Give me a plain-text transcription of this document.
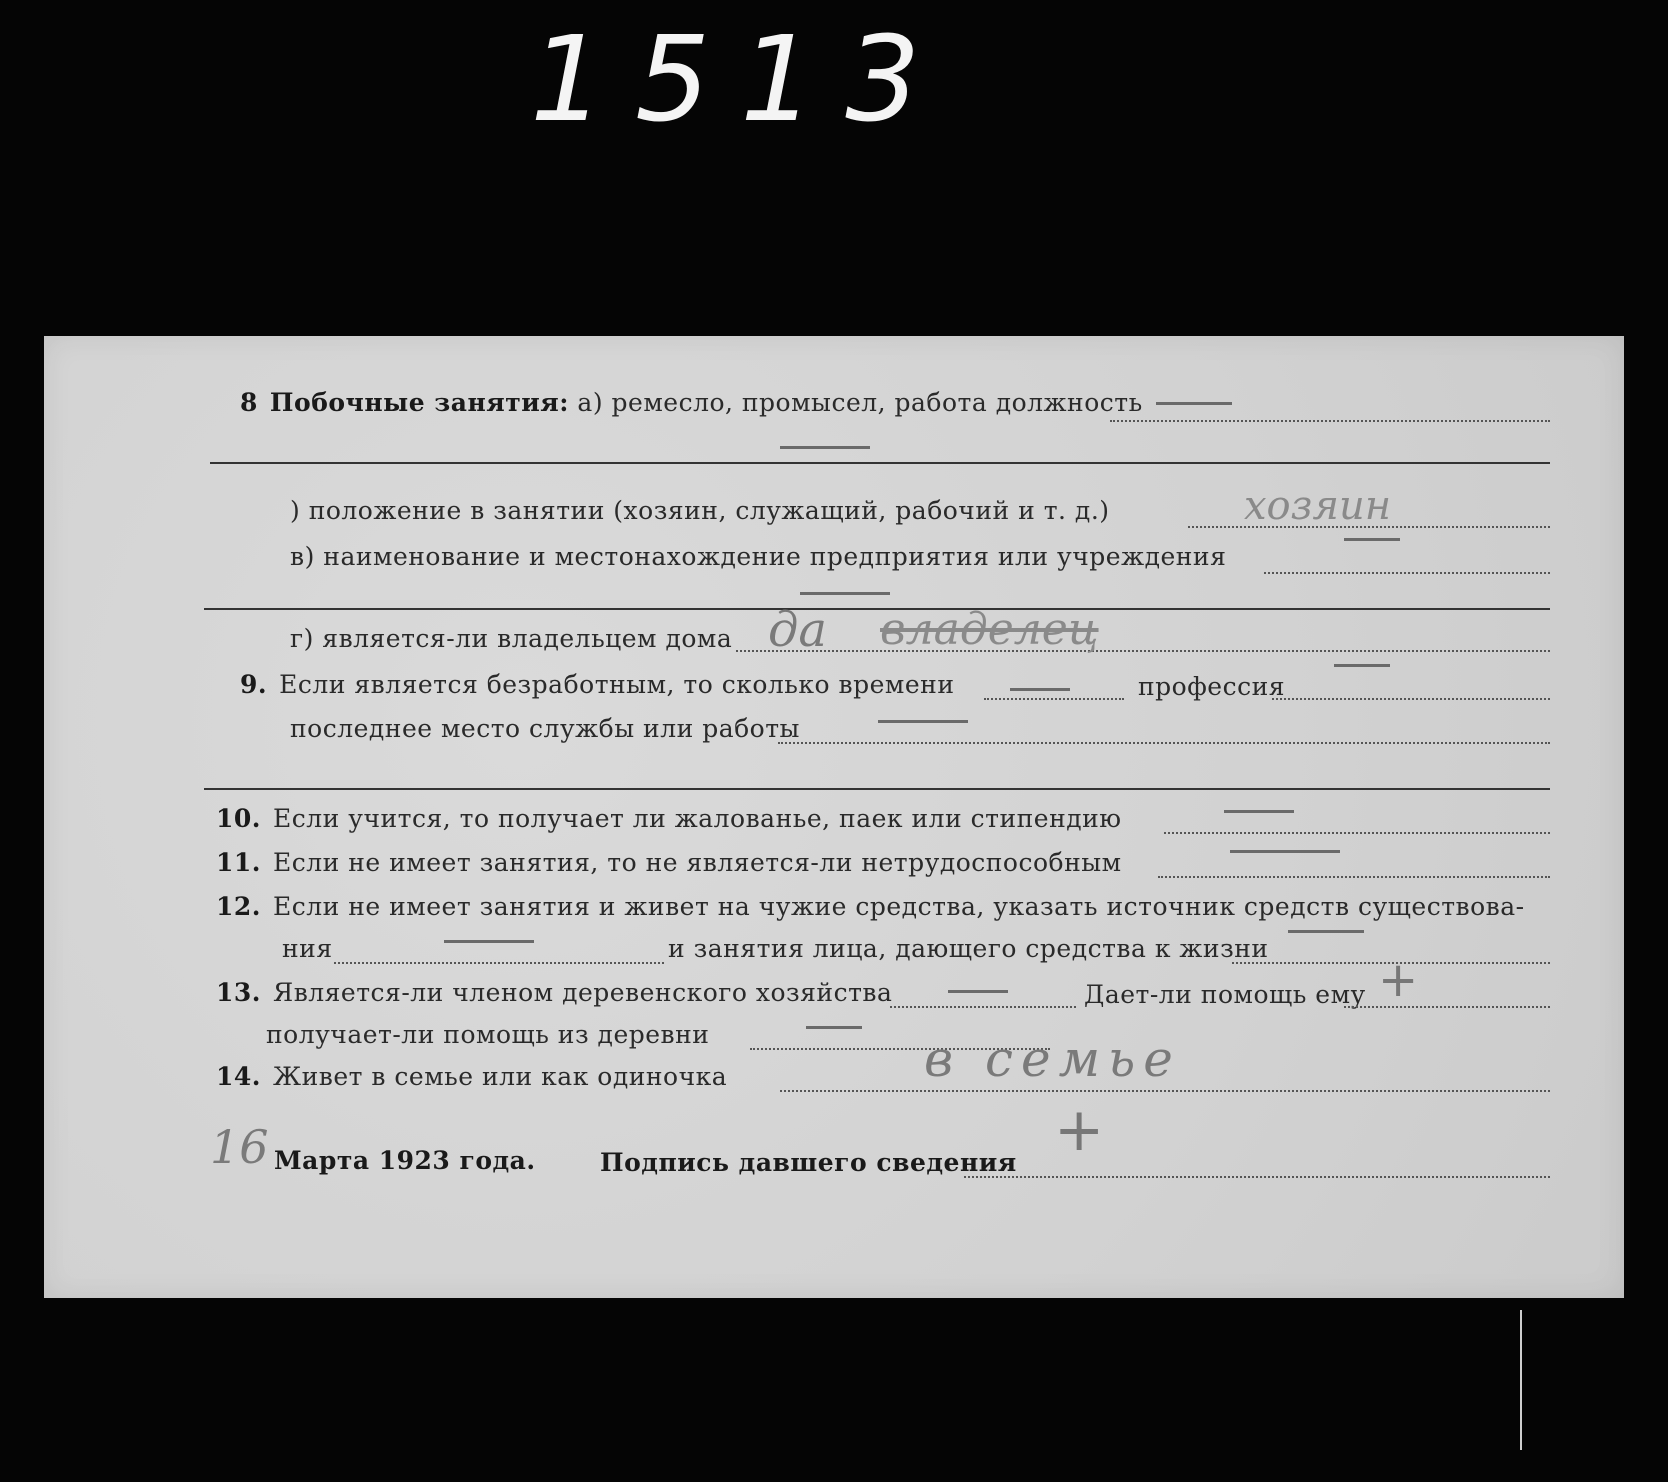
1513
8 Побочные занятия: а) ремесло, промысел, работа должность
) положение в занятии (хозяин, служащий, рабочий и т. д.)	хозяин
в) наименование и местонахождение предприятия или учреждения
г) является-ли владельцем дома да владелец
9. Если является безработным, то сколько времени	профессия
последнее место службы или работы
10. Если учится, то получает ли жалованье, паек или стипендию
11. Если не имеет занятия, то не является-ли нетрудоспособным
12. Если не имеет занятия и живет на чужие средства, указать источник средств существова-
ния	и занятия лица, дающего средства к жизни
13. Является-ли членом деревенского хозяйства	Дает-ли помощь ему +
получает-ли помощь из деревни
14. Живет в семье или как одиночка	в семье
16 Марта 1923 года.	Подпись давшего сведения +
